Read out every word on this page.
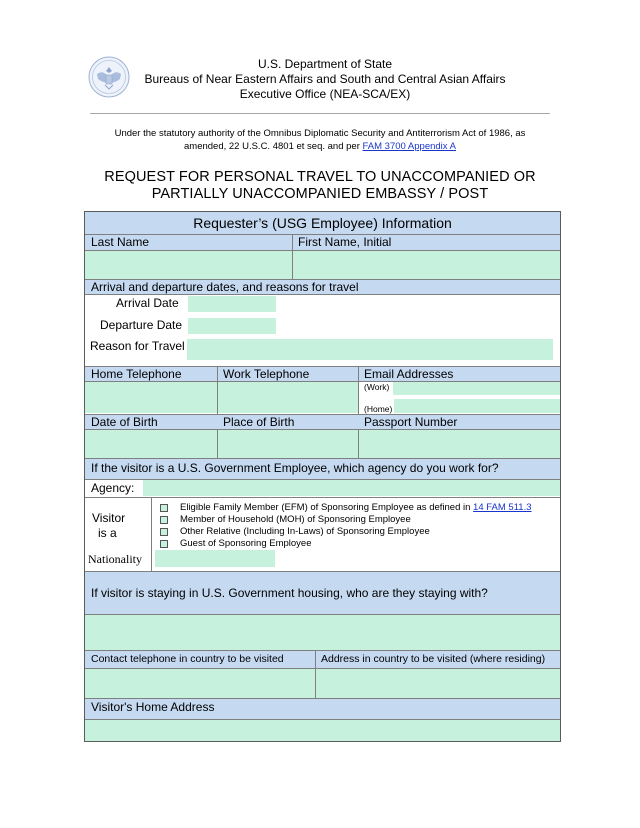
U.S. Department of State
Bureaus of Near Eastern Affairs and South and Central Asian Affairs
Executive Office (NEA-SCA/EX)
Under the statutory authority of the Omnibus Diplomatic Security and Antiterrorism Act of 1986, as
amended, 22 U.S.C. 4801 et seq. and per FAM 3700 Appendix A
REQUEST FOR PERSONAL TRAVEL TO UNACCOMPANIED OR
PARTIALLY UNACCOMPANIED EMBASSY / POST
Requester’s (USG Employee) Information
Last Name	First Name, Initial
Arrival and departure dates, and reasons for travel
Arrival Date
Departure Date
Reason for Travel
Home Telephone	Work Telephone	Email Addresses
(Work)
(Home)
Date of Birth	Place of Birth	Passport Number
If the visitor is a U.S. Government Employee, which agency do you work for?
Agency:
Visitor
is a
Eligible Family Member (EFM) of Sponsoring Employee as defined in 14 FAM 511.3
Member of Household (MOH) of Sponsoring Employee
Other Relative (Including In-Laws) of Sponsoring Employee
Guest of Sponsoring Employee
Nationality
If visitor is staying in U.S. Government housing, who are they staying with?
Contact telephone in country to be visited	Address in country to be visited (where residing)
Visitor's Home Address
